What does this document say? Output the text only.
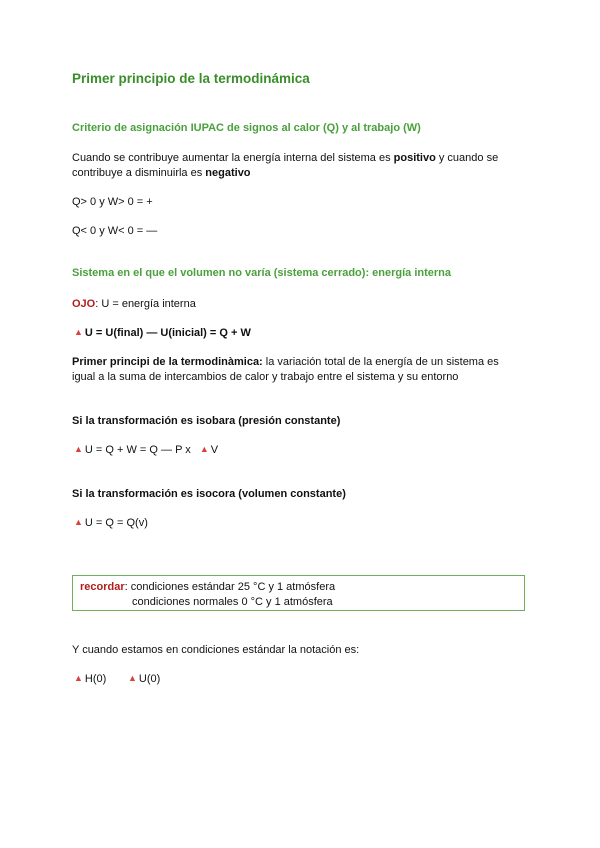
Primer principio de la termodinámica
Criterio de asignación IUPAC de signos al calor (Q) y al trabajo (W)
Cuando se contribuye aumentar la energía interna del sistema es positivo y cuando se
contribuye a disminuirla es negativo
Q> 0 y W> 0 = +
Q< 0 y W< 0 = —
Sistema en el que el volumen no varía (sistema cerrado): energía interna
OJO: U = energía interna
▲ U = U(final) — U(inicial) = Q + W
Primer principi de la termodinàmica: la variación total de la energía de un sistema es
igual a la suma de intercambios de calor y trabajo entre el sistema y su entorno
Si la transformación es isobara (presión constante)
▲ U = Q + W = Q — P x ▲ V
Si la transformación es isocora (volumen constante)
▲ U = Q = Q(v)
recordar: condiciones estándar 25 °C y 1 atmósfera
condiciones normales 0 °C y 1 atmósfera
Y cuando estamos en condiciones estándar la notación es:
▲ H(0) ▲ U(0)
